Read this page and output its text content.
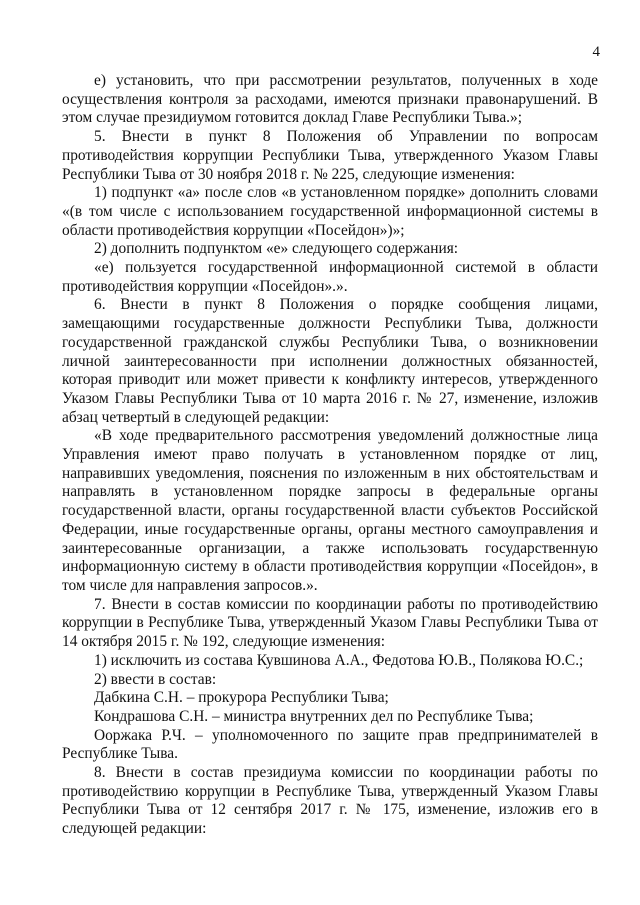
4

е) установить, что при рассмотрении результатов, полученных в ходе осуществления контроля за расходами, имеются признаки правонарушений. В этом случае президиумом готовится доклад Главе Республики Тыва.»;

5. Внести в пункт 8 Положения об Управлении по вопросам противодействия коррупции Республики Тыва, утвержденного Указом Главы Республики Тыва от 30 ноября 2018 г. № 225, следующие изменения:

1) подпункт «а» после слов «в установленном порядке» дополнить словами «(в том числе с использованием государственной информационной системы в области противодействия коррупции «Посейдон»)»;

2) дополнить подпунктом «е» следующего содержания:

«е) пользуется государственной информационной системой в области противодействия коррупции «Посейдон».».

6. Внести в пункт 8 Положения о порядке сообщения лицами, замещающими государственные должности Республики Тыва, должности государственной гражданской службы Республики Тыва, о возникновении личной заинтересованности при исполнении должностных обязанностей, которая приводит или может привести к конфликту интересов, утвержденного Указом Главы Республики Тыва от 10 марта 2016 г. № 27, изменение, изложив абзац четвертый в следующей редакции:

«В ходе предварительного рассмотрения уведомлений должностные лица Управления имеют право получать в установленном порядке от лиц, направивших уведомления, пояснения по изложенным в них обстоятельствам и направлять в установленном порядке запросы в федеральные органы государственной власти, органы государственной власти субъектов Российской Федерации, иные государственные органы, органы местного самоуправления и заинтересованные организации, а также использовать государственную информационную систему в области противодействия коррупции «Посейдон», в том числе для направления запросов.».

7. Внести в состав комиссии по координации работы по противодействию коррупции в Республике Тыва, утвержденный Указом Главы Республики Тыва от 14 октября 2015 г. № 192, следующие изменения:

1) исключить из состава Кувшинова А.А., Федотова Ю.В., Полякова Ю.С.;

2) ввести в состав:

Дабкина С.Н. – прокурора Республики Тыва;

Кондрашова С.Н. – министра внутренних дел по Республике Тыва;

Ооржака Р.Ч. – уполномоченного по защите прав предпринимателей в Республике Тыва.

8. Внести в состав президиума комиссии по координации работы по противодействию коррупции в Республике Тыва, утвержденный Указом Главы Республики Тыва от 12 сентября 2017 г. № 175, изменение, изложив его в следующей редакции:
